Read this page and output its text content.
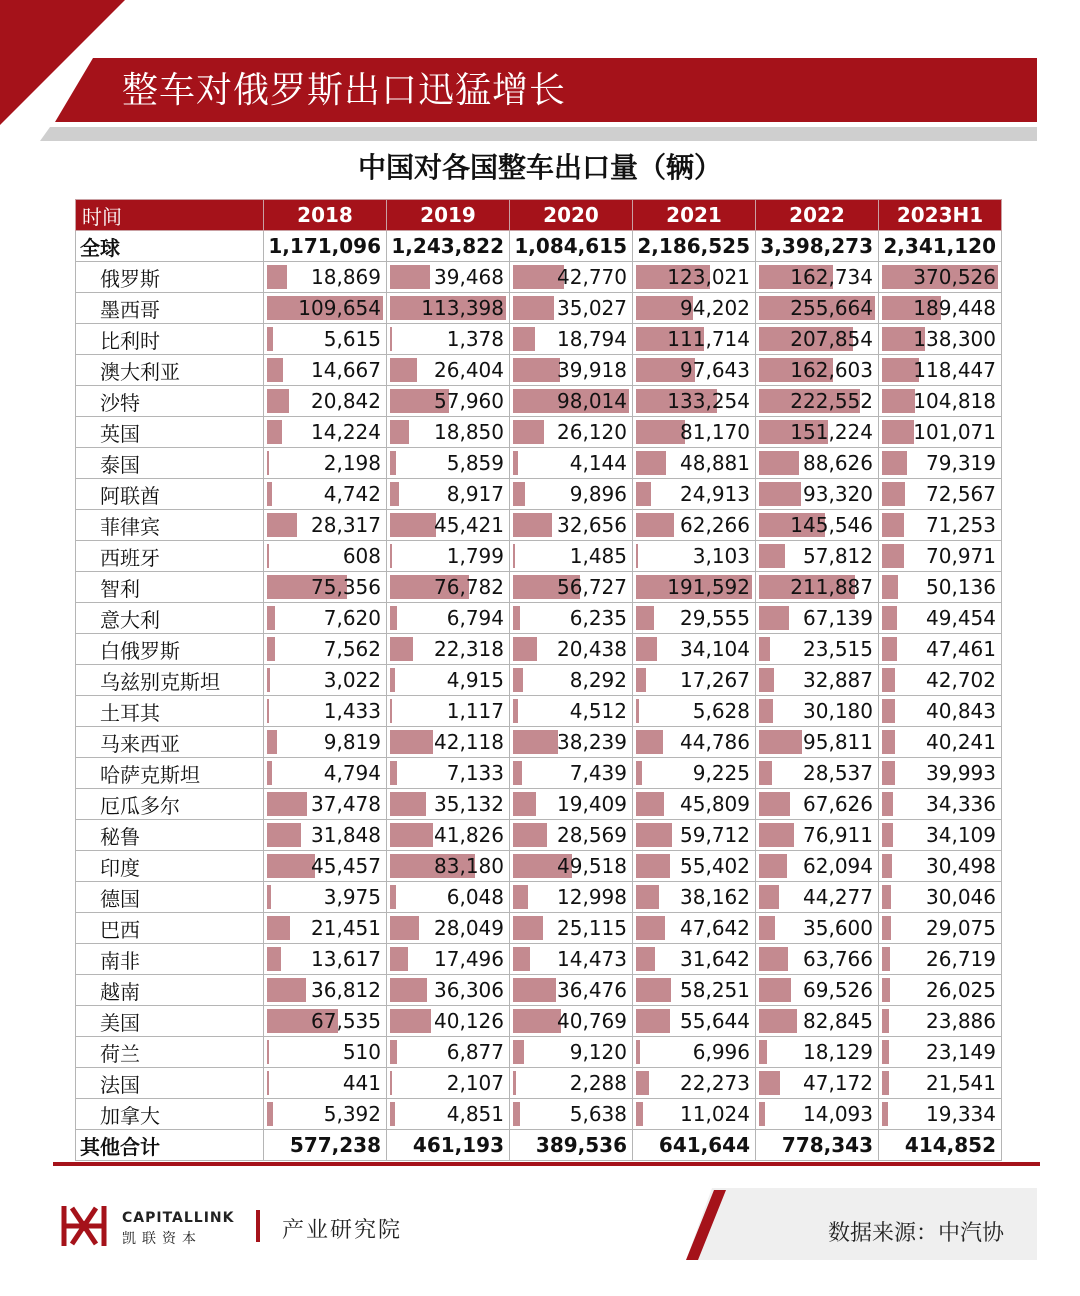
整车对俄罗斯出口迅猛增长
中国对各国整车出口量（辆）
时间	2018	2019	2020	2021	2022	2023H1
全球	1,171,096	1,243,822	1,084,615	2,186,525	3,398,273	2,341,120
俄罗斯	18,869	39,468	42,770	123,021	162,734	370,526
墨西哥	109,654	113,398	35,027	94,202	255,664	189,448
比利时	5,615	1,378	18,794	111,714	207,854	138,300
澳大利亚	14,667	26,404	39,918	97,643	162,603	118,447
沙特	20,842	57,960	98,014	133,254	222,552	104,818
英国	14,224	18,850	26,120	81,170	151,224	101,071
泰国	2,198	5,859	4,144	48,881	88,626	79,319
阿联酋	4,742	8,917	9,896	24,913	93,320	72,567
菲律宾	28,317	45,421	32,656	62,266	145,546	71,253
西班牙	608	1,799	1,485	3,103	57,812	70,971
智利	75,356	76,782	56,727	191,592	211,887	50,136
意大利	7,620	6,794	6,235	29,555	67,139	49,454
白俄罗斯	7,562	22,318	20,438	34,104	23,515	47,461
乌兹别克斯坦	3,022	4,915	8,292	17,267	32,887	42,702
土耳其	1,433	1,117	4,512	5,628	30,180	40,843
马来西亚	9,819	42,118	38,239	44,786	95,811	40,241
哈萨克斯坦	4,794	7,133	7,439	9,225	28,537	39,993
厄瓜多尔	37,478	35,132	19,409	45,809	67,626	34,336
秘鲁	31,848	41,826	28,569	59,712	76,911	34,109
印度	45,457	83,180	49,518	55,402	62,094	30,498
德国	3,975	6,048	12,998	38,162	44,277	30,046
巴西	21,451	28,049	25,115	47,642	35,600	29,075
南非	13,617	17,496	14,473	31,642	63,766	26,719
越南	36,812	36,306	36,476	58,251	69,526	26,025
美国	67,535	40,126	40,769	55,644	82,845	23,886
荷兰	510	6,877	9,120	6,996	18,129	23,149
法国	441	2,107	2,288	22,273	47,172	21,541
加拿大	5,392	4,851	5,638	11,024	14,093	19,334
其他合计	577,238	461,193	389,536	641,644	778,343	414,852
CAPITALLINK
凯联资本	产业研究院	数据来源：中汽协
